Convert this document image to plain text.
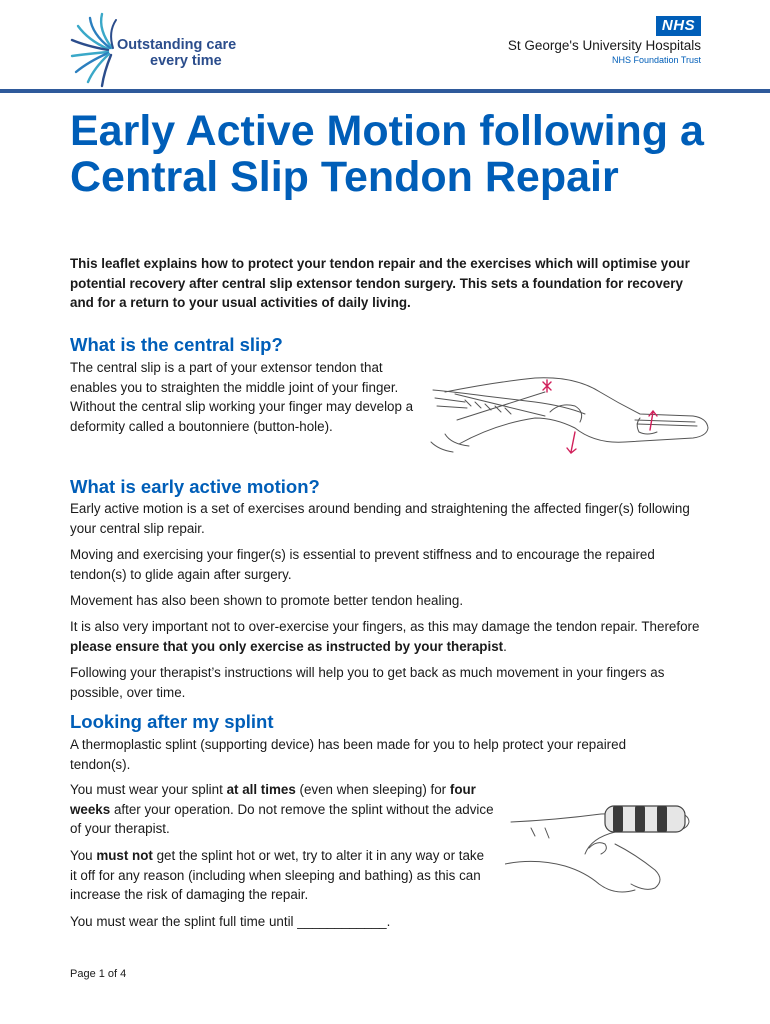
Outstanding care
every time
NHS
St George's University Hospitals
NHS Foundation Trust
Early Active Motion following a Central Slip Tendon Repair

This leaflet explains how to protect your tendon repair and the exercises which will optimise your potential recovery after central slip extensor tendon surgery. This sets a foundation for recovery and for a return to your usual activities of daily living.

What is the central slip?

The central slip is a part of your extensor tendon that enables you to straighten the middle joint of your finger. Without the central slip working your finger may develop a deformity called a boutonniere (button-hole).

What is early active motion?

Early active motion is a set of exercises around bending and straightening the affected finger(s) following your central slip repair.

Moving and exercising your finger(s) is essential to prevent stiffness and to encourage the repaired tendon(s) to glide again after surgery.

Movement has also been shown to promote better tendon healing.

It is also very important not to over-exercise your fingers, as this may damage the tendon repair. Therefore please ensure that you only exercise as instructed by your therapist.

Following your therapist’s instructions will help you to get back as much movement in your fingers as possible, over time.

Looking after my splint

A thermoplastic splint (supporting device) has been made for you to help protect your repaired tendon(s).

You must wear your splint at all times (even when sleeping) for four weeks after your operation. Do not remove the splint without the advice of your therapist.

You must not get the splint hot or wet, try to alter it in any way or take it off for any reason (including when sleeping and bathing) as this can increase the risk of damaging the repair.

You must wear the splint full time until ____________.

Page 1 of 4
